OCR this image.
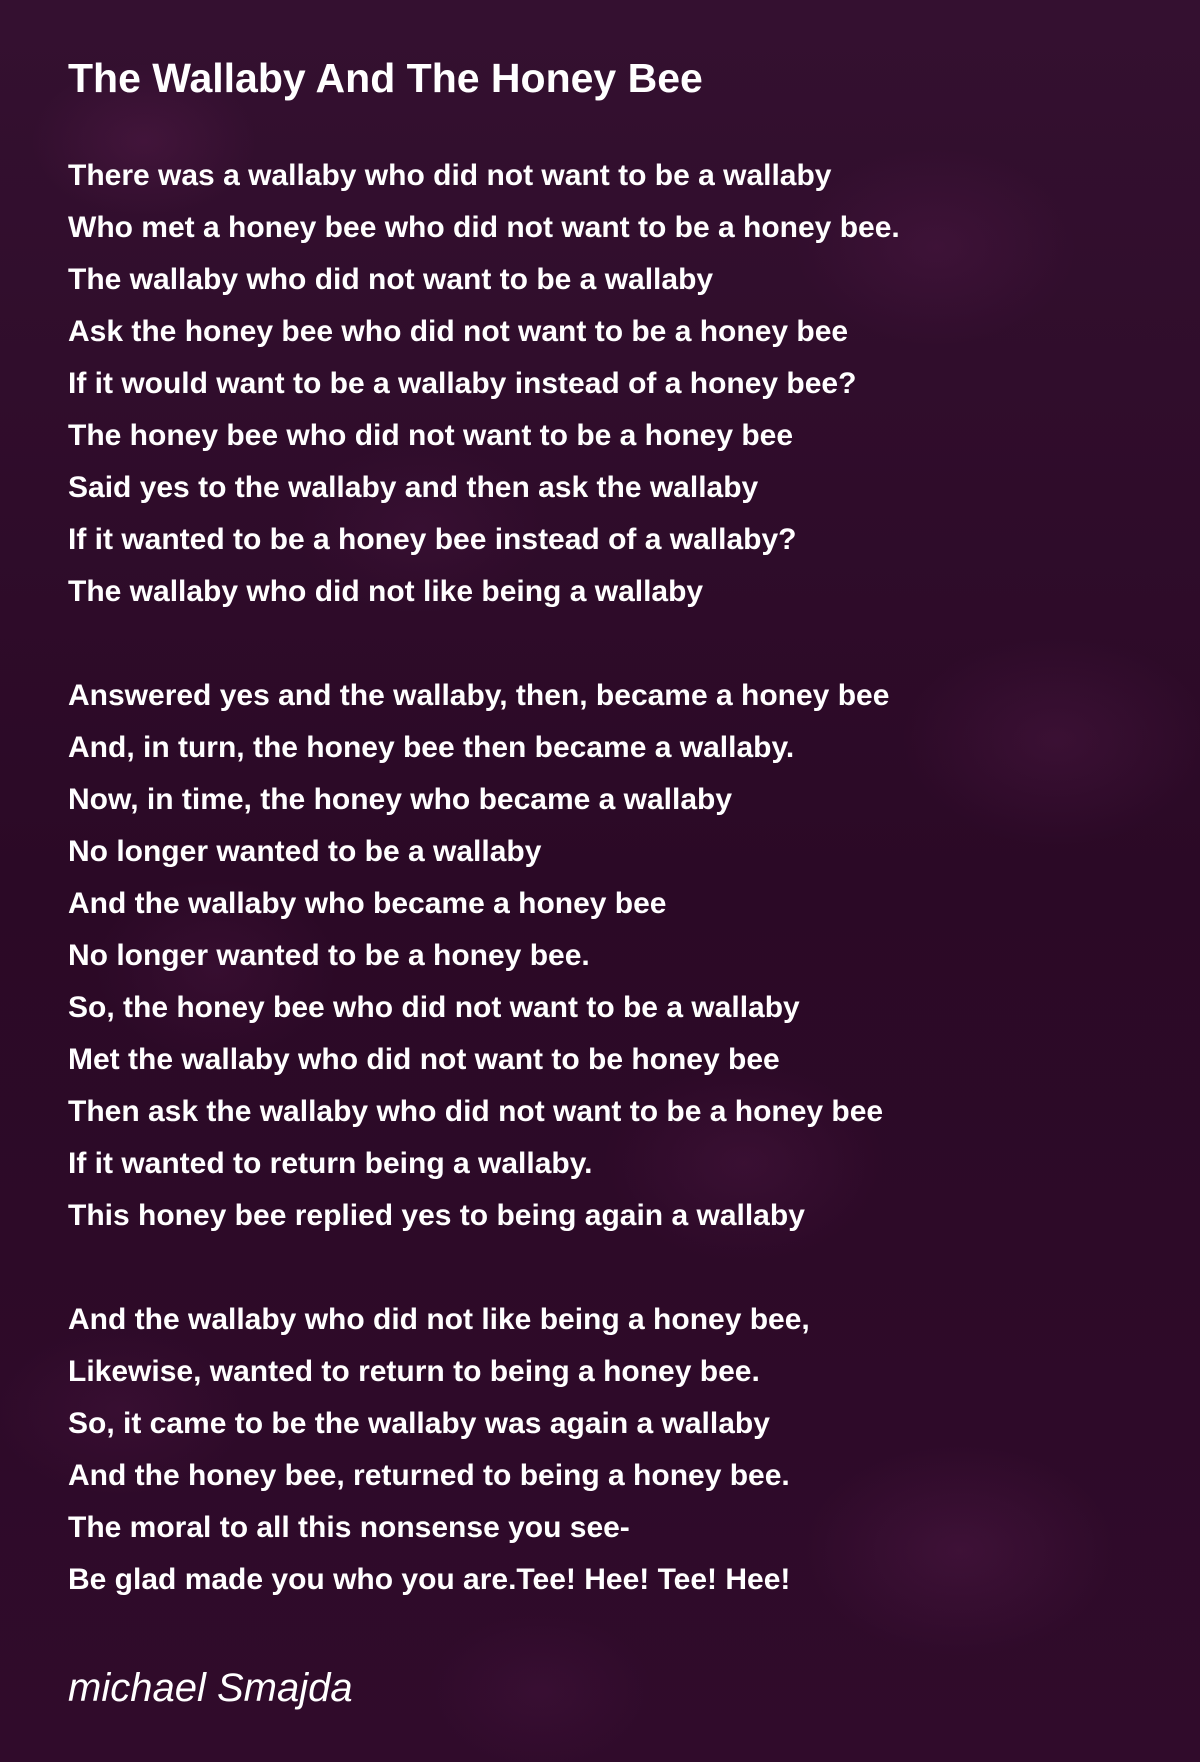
The Wallaby And The Honey Bee
There was a wallaby who did not want to be a wallaby
Who met a honey bee who did not want to be a honey bee.
The wallaby who did not want to be a wallaby
Ask the honey bee who did not want to be a honey bee
If it would want to be a wallaby instead of a honey bee?
The honey bee who did not want to be a honey bee
Said yes to the wallaby and then ask the wallaby
If it wanted to be a honey bee instead of a wallaby?
The wallaby who did not like being a wallaby
Answered yes and the wallaby, then, became a honey bee
And, in turn, the honey bee then became a wallaby.
Now, in time, the honey who became a wallaby
No longer wanted to be a wallaby
And the wallaby who became a honey bee
No longer wanted to be a honey bee.
So, the honey bee who did not want to be a wallaby
Met the wallaby who did not want to be honey bee
Then ask the wallaby who did not want to be a honey bee
If it wanted to return being a wallaby.
This honey bee replied yes to being again a wallaby
And the wallaby who did not like being a honey bee,
Likewise, wanted to return to being a honey bee.
So, it came to be the wallaby was again a wallaby
And the honey bee, returned to being a honey bee.
The moral to all this nonsense you see-
Be glad made you who you are.Tee! Hee! Tee! Hee!

michael Smajda
